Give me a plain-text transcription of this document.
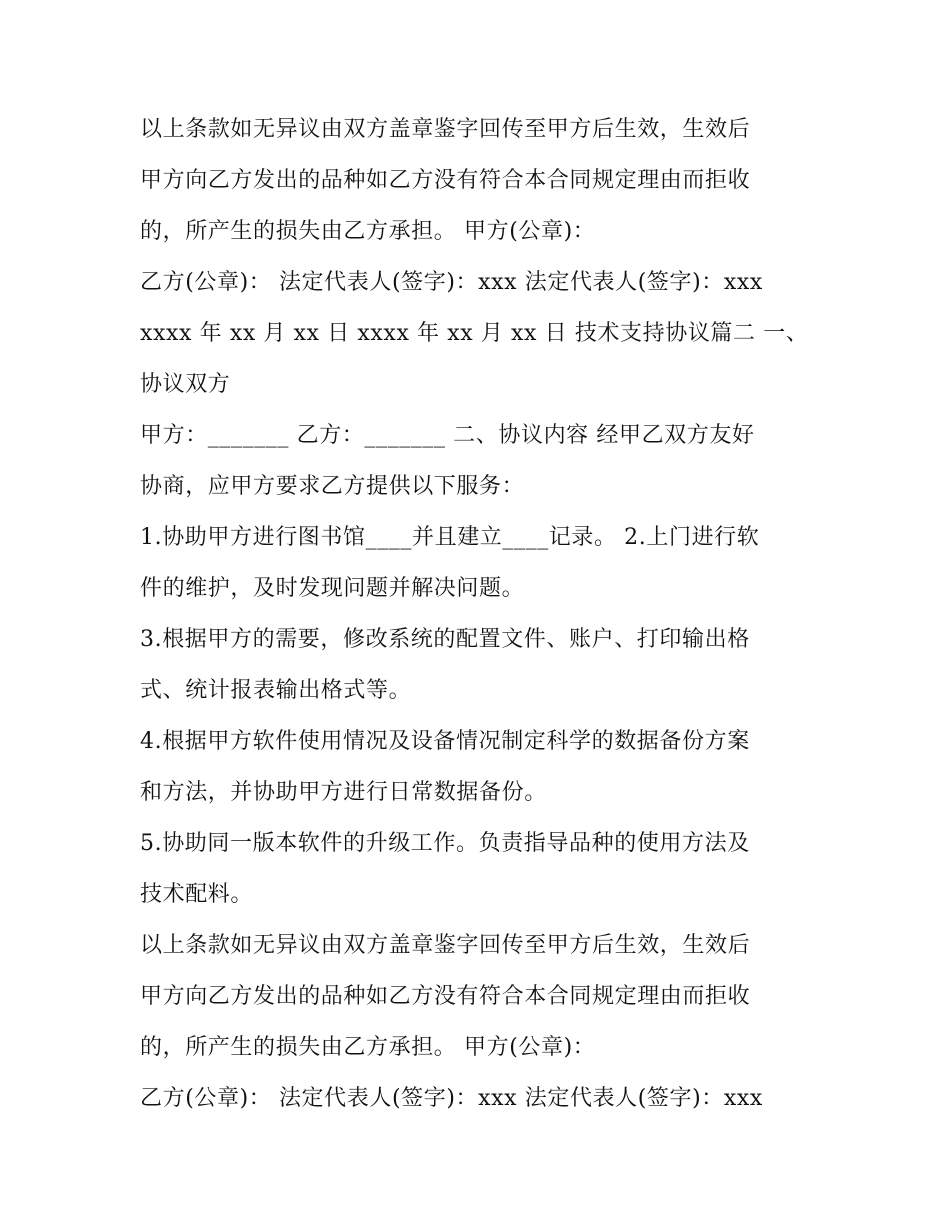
以上条款如无异议由双方盖章鉴字回传至甲方后生效，生效后
甲方向乙方发出的品种如乙方没有符合本合同规定理由而拒收
的，所产生的损失由乙方承担。 甲方(公章)：
乙方(公章)： 法定代表人(签字)：xxx 法定代表人(签字)：xxx
xxxx 年 xx 月 xx 日 xxxx 年 xx 月 xx 日 技术支持协议篇二 一、
协议双方
甲方：_______ 乙方：_______ 二、协议内容 经甲乙双方友好
协商，应甲方要求乙方提供以下服务：
1.协助甲方进行图书馆____并且建立____记录。 2.上门进行软
件的维护，及时发现问题并解决问题。
3.根据甲方的需要，修改系统的配置文件、账户、打印输出格
式、统计报表输出格式等。
4.根据甲方软件使用情况及设备情况制定科学的数据备份方案
和方法，并协助甲方进行日常数据备份。
5.协助同一版本软件的升级工作。负责指导品种的使用方法及
技术配料。
以上条款如无异议由双方盖章鉴字回传至甲方后生效，生效后
甲方向乙方发出的品种如乙方没有符合本合同规定理由而拒收
的，所产生的损失由乙方承担。 甲方(公章)：
乙方(公章)： 法定代表人(签字)：xxx 法定代表人(签字)：xxx
